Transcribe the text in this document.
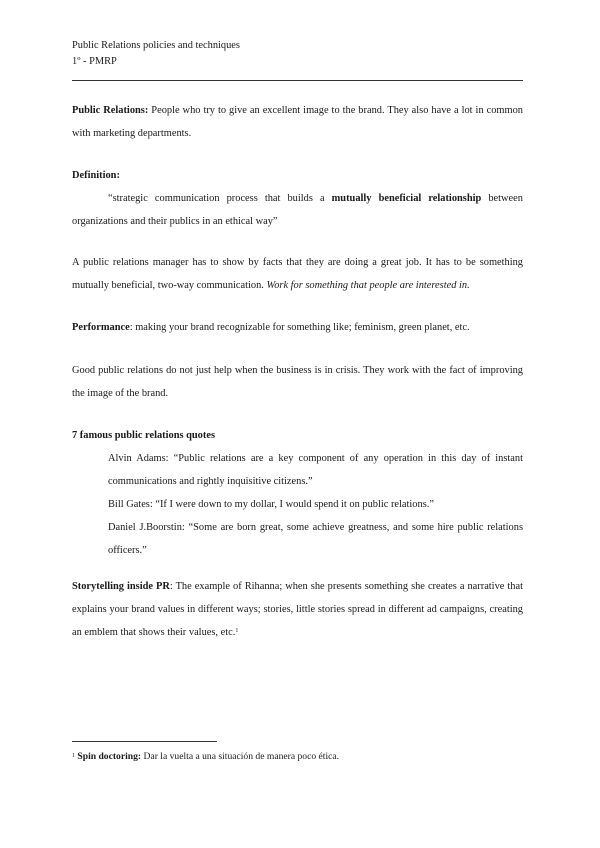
Public Relations policies and techniques
1º - PMRP

Public Relations: People who try to give an excellent image to the brand. They also have a lot in common

with marketing departments.

Definition:

“strategic communication process that builds a mutually beneficial relationship between

organizations and their publics in an ethical way”

A public relations manager has to show by facts that they are doing a great job. It has to be something

mutually beneficial, two-way communication. Work for something that people are interested in.

Performance: making your brand recognizable for something like; feminism, green planet, etc.

Good public relations do not just help when the business is in crisis. They work with the fact of improving

the image of the brand.

7 famous public relations quotes

Alvin Adams: “Public relations are a key component of any operation in this day of instant

communications and rightly inquisitive citizens.”

Bill Gates: “If I were down to my dollar, I would spend it on public relations.”

Daniel J.Boorstin: “Some are born great, some achieve greatness, and some hire public relations

officers.”

Storytelling inside PR: The example of Rihanna; when she presents something she creates a narrative that

explains your brand values in different ways; stories, little stories spread in different ad campaigns, creating

an emblem that shows their values, etc.$^1$

$^1$ Spin doctoring: Dar la vuelta a una situación de manera poco ética.
